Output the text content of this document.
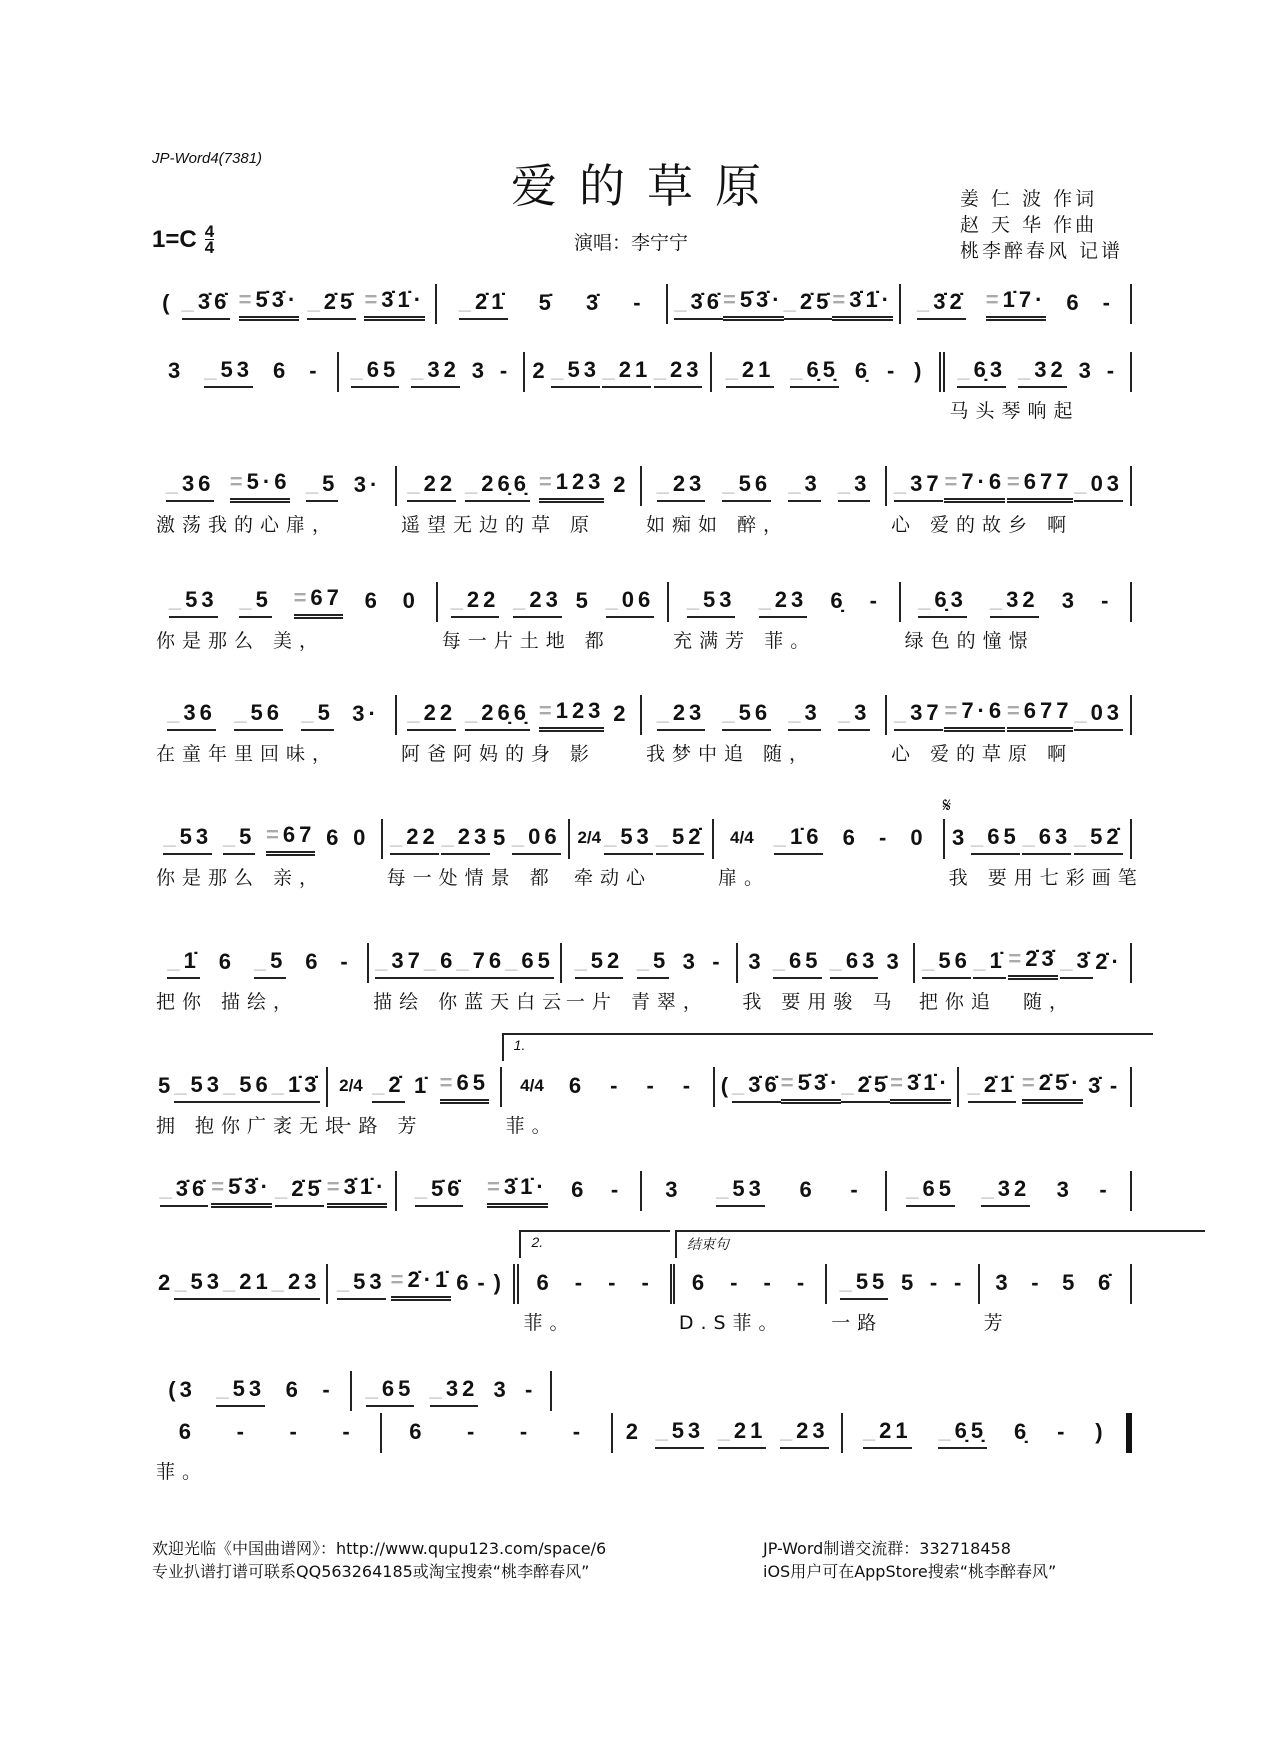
JP-Word4(7381)
爱的草原
1=C 4
4	演唱：李宁宁
姜 仁 波 作词
赵 天 华 作曲
桃李醉春风 记谱
( _3̇6̇ =5̇3̇· _2̇5̇ =3̇1̇· _2̇1̇ 5̇ 3̇ - _3̇6̇ =5̇3̇· _2̇5̇ =3̇1̇· _3̇2̇ =1̇7· 6 -
3 _53 6 - _65 _32 3 - 2 _53 _21 _23 _21 _6̣5̣ 6̣ - ) _6̣3 _32 3 -
马头琴响起
_36 =5·6 _5 3·
激荡我的心扉，
_22 _26̣6̣ =123 2
遥望无边的草 原
_23 _56 _3 _3
如痴如 醉，
_37 =7·6 =677 _03
心 爱的故乡 啊
_53 _5 =67 6 0
你是那么 美，
_22 _23 5 _06
每一片土地 都
_53 _23 6̣ -
充满芳 菲。
_6̣3 _32 3 -
绿色的憧憬
_36 _56 _5 3·
在童年里回味，
_22 _26̣6̣ =123 2
阿爸阿妈的身 影
_23 _56 _3 _3
我梦中追 随，
_37 =7·6 =677 _03
心 爱的草原 啊
_53 _5 =67 6 0
你是那么 亲，
_22 _23 5 _06
每一处情景 都
2/4 _53 _52̇
牵动心
4/4 _1̇6 6 - 0
扉。
3 _65 _63 _52̇
𝄋
我 要用七彩画笔
_1̇ 6 _5 6 -
把你 描绘，
_37 _6 _76 _65
描绘 你蓝天白云
_52 _5 3 -
一片 青翠，
3 _65 _63 3
我 要用骏 马
_56 _1̇ =2̇3̇ _3̇ 2̇·
把你追  随，
5 _53 _56 _1̇3̇
拥 抱你广袤无垠
2/4 _2̇ 1̇ =65
一路 芳
4/4 6 - - -
1.
菲。
( _3̇6̇ =5̇3̇· _2̇5̇ =3̇1̇· _2̇1̇ =2̇5̇· 3̇ -
_3̇6̇ =5̇3̇· _2̇5̇ =3̇1̇· _5̇6̇ =3̇1̇· 6 - 3 _53 6 - _65 _32 3 -
2 _53 _21 _23 _53 =2̇·1̇ 6 - ) 6 - - -
2.
菲。
6 - - -
结束句
D.S菲。
_55 5 - -
一路
3 - 5 6̇
芳
(3 _53 6 - _65 _32 3 -
6 - - -
菲。
6 - - - 2 _53 _21 _23 _21 _6̣5̣ 6̣ - )
欢迎光临《中国曲谱网》：http://www.qupu123.com/space/6
专业扒谱打谱可联系QQ563264185或淘宝搜索“桃李醉春风”
JP-Word制谱交流群：332718458
iOS用户可在AppStore搜索“桃李醉春风”
